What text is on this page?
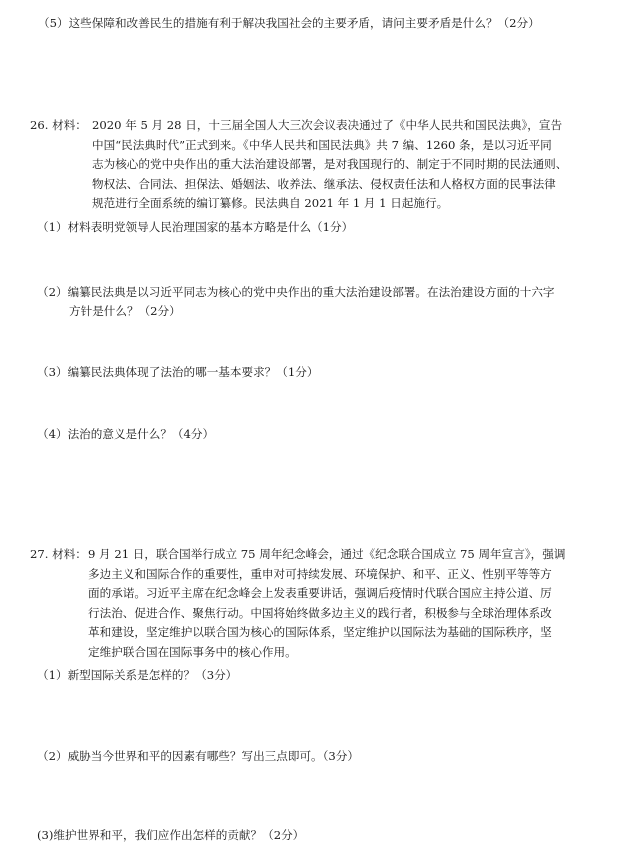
（5）这些保障和改善民生的措施有利于解决我国社会的主要矛盾，请问主要矛盾是什么？（2分）
26. 材料： 2020 年 5 月 28 日，十三届全国人大三次会议表决通过了《中华人民共和国民法典》，宣告
中国“民法典时代”正式到来。《中华人民共和国民法典》共 7 编、1260 条，是以习近平同
志为核心的党中央作出的重大法治建设部署，是对我国现行的、制定于不同时期的民法通则、
物权法、合同法、担保法、婚姻法、收养法、继承法、侵权责任法和人格权方面的民事法律
规范进行全面系统的编订纂修。民法典自 2021 年 1 月 1 日起施行。
（1）材料表明党领导人民治理国家的基本方略是什么（1分）
（2）编纂民法典是以习近平同志为核心的党中央作出的重大法治建设部署。在法治建设方面的十六字
方针是什么？（2分）
（3）编纂民法典体现了法治的哪一基本要求？（1分）
（4）法治的意义是什么？（4分）
27. 材料： 9 月 21 日，联合国举行成立 75 周年纪念峰会，通过《纪念联合国成立 75 周年宣言》，强调
多边主义和国际合作的重要性，重申对可持续发展、环境保护、和平、正义、性别平等等方
面的承诺。习近平主席在纪念峰会上发表重要讲话，强调后疫情时代联合国应主持公道、厉
行法治、促进合作、聚焦行动。中国将始终做多边主义的践行者，积极参与全球治理体系改
革和建设，坚定维护以联合国为核心的国际体系，坚定维护以国际法为基础的国际秩序，坚
定维护联合国在国际事务中的核心作用。
（1）新型国际关系是怎样的？（3分）
（2）威胁当今世界和平的因素有哪些？写出三点即可。（3分）
(3)维护世界和平，我们应作出怎样的贡献？（2分）
